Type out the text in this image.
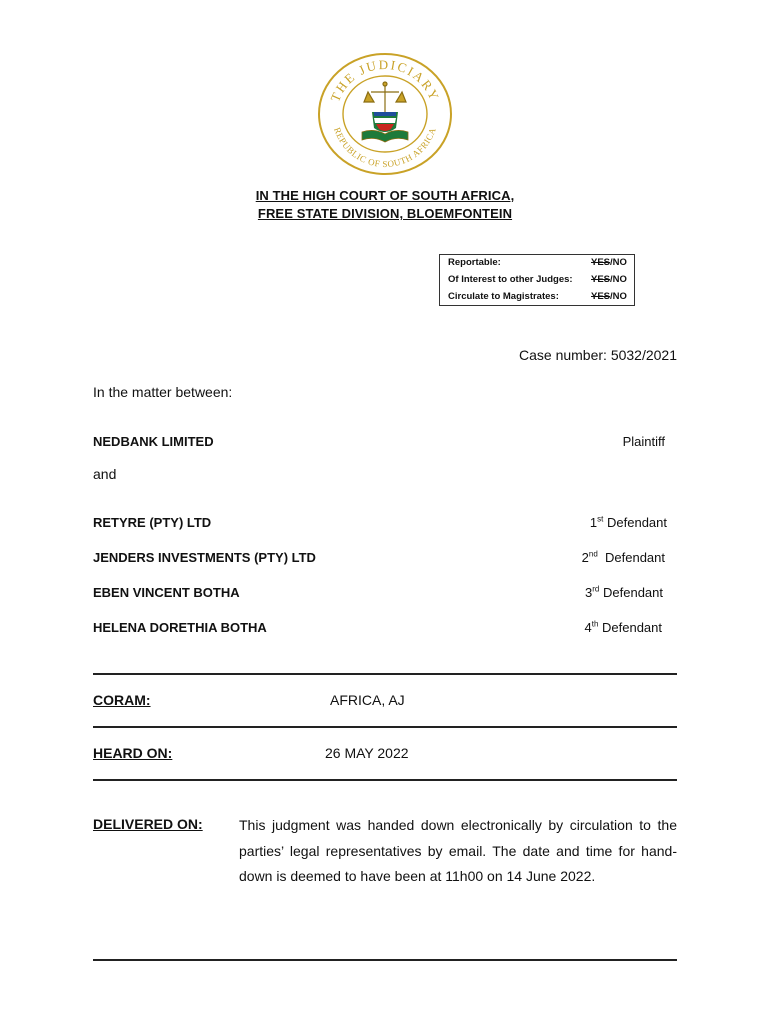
THE JUDICIARY
REPUBLIC OF SOUTH AFRICA
IN THE HIGH COURT OF SOUTH AFRICA,
FREE STATE DIVISION, BLOEMFONTEIN
Reportable:	YES/NO
Of Interest to other Judges: YES/NO
Circulate to Magistrates:	YES/NO
Case number: 5032/2021
In the matter between:
NEDBANK LIMITED	Plaintiff
and
RETYRE (PTY) LTD	1st Defendant
JENDERS INVESTMENTS (PTY) LTD	2nd  Defendant
EBEN VINCENT BOTHA	3rd Defendant
HELENA DORETHIA BOTHA	4th Defendant
CORAM:	AFRICA, AJ
HEARD ON:	26 MAY 2022
DELIVERED ON:	This judgment was handed down electronically by circulation to the parties’ legal representatives by email. The date and time for hand-down is deemed to have been at 11h00 on 14 June 2022.
